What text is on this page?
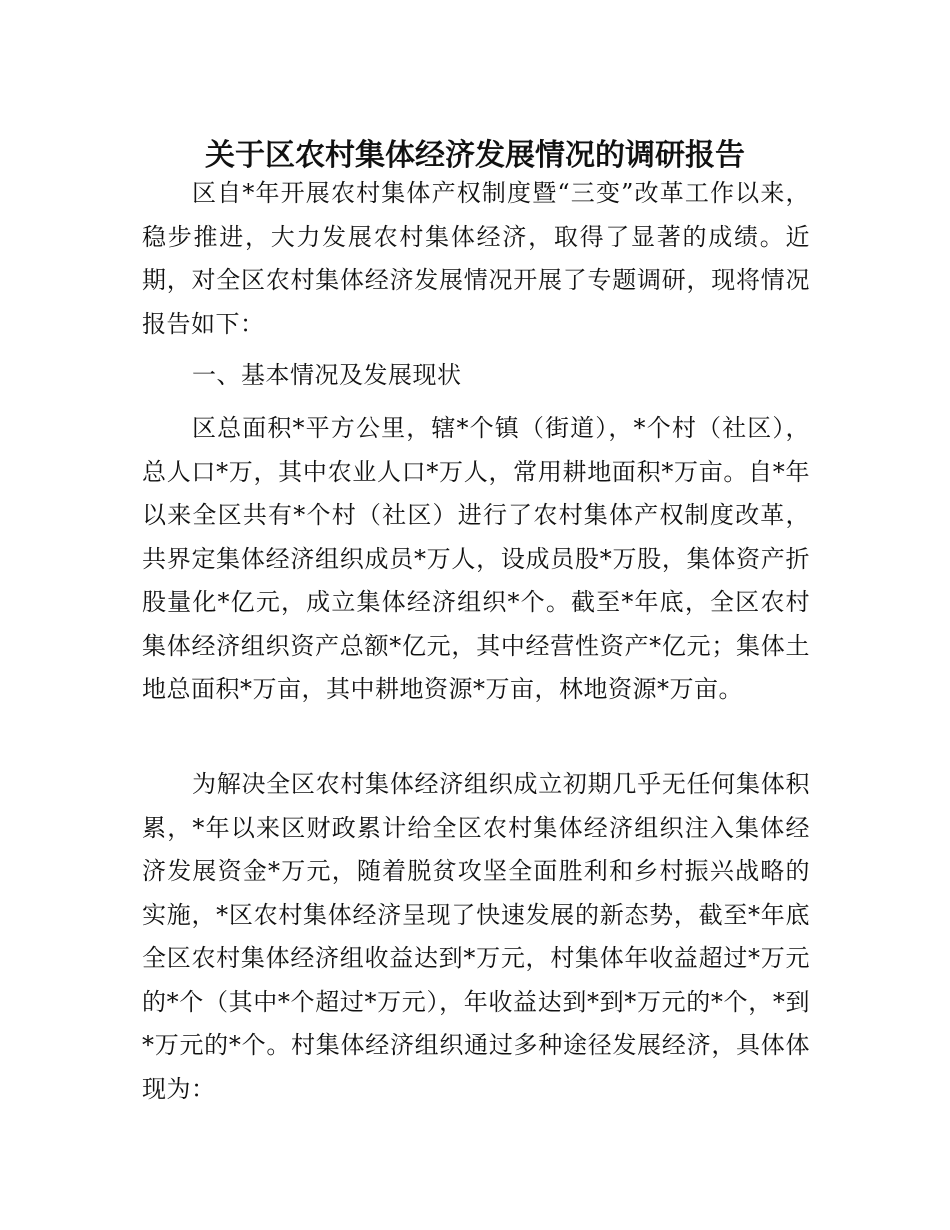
关于区农村集体经济发展情况的调研报告

区自*年开展农村集体产权制度暨“三变”改革工作以来，稳步推进，大力发展农村集体经济，取得了显著的成绩。近期，对全区农村集体经济发展情况开展了专题调研，现将情况报告如下：

一、基本情况及发展现状

区总面积*平方公里，辖*个镇（街道），*个村（社区），总人口*万，其中农业人口*万人，常用耕地面积*万亩。自*年以来全区共有*个村（社区）进行了农村集体产权制度改革，共界定集体经济组织成员*万人，设成员股*万股，集体资产折股量化*亿元，成立集体经济组织*个。截至*年底，全区农村集体经济组织资产总额*亿元，其中经营性资产*亿元；集体土地总面积*万亩，其中耕地资源*万亩，林地资源*万亩。

为解决全区农村集体经济组织成立初期几乎无任何集体积累，*年以来区财政累计给全区农村集体经济组织注入集体经济发展资金*万元，随着脱贫攻坚全面胜利和乡村振兴战略的实施，*区农村集体经济呈现了快速发展的新态势，截至*年底全区农村集体经济组收益达到*万元，村集体年收益超过*万元的*个（其中*个超过*万元），年收益达到*到*万元的*个，*到*万元的*个。村集体经济组织通过多种途径发展经济，具体体现为：
